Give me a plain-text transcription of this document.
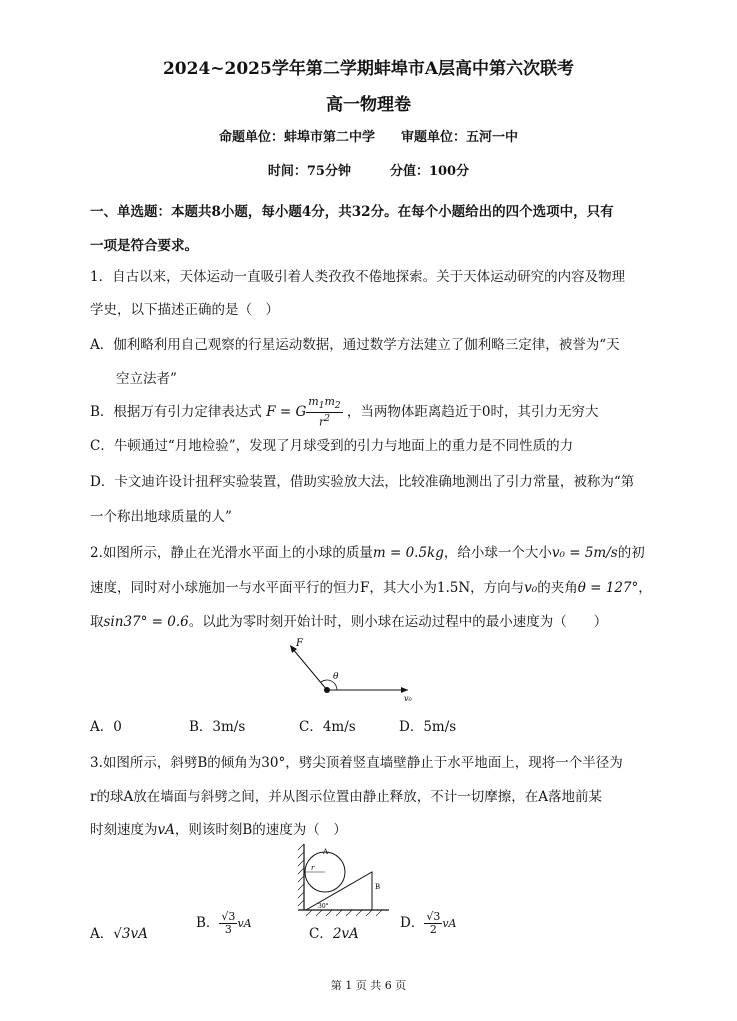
2024~2025学年第二学期蚌埠市A层高中第六次联考
高一物理卷
命题单位：蚌埠市第二中学　　审题单位：五河一中
时间：75分钟　　　分值：100分
一、单选题：本题共8小题，每小题4分，共32分。在每个小题给出的四个选项中，只有
一项是符合要求。
1．自古以来，天体运动一直吸引着人类孜孜不倦地探索。关于天体运动研究的内容及物理
学史，以下描述正确的是（　）
A．伽利略利用自己观察的行星运动数据，通过数学方法建立了伽利略三定律，被誉为“天
空立法者”
B．根据万有引力定律表达式 F = G $\frac{m_1m_2}{r^2}$ ，当两物体距离趋近于0时，其引力无穷大
C．牛顿通过“月地检验”，发现了月球受到的引力与地面上的重力是不同性质的力
D．卡文迪许设计扭秤实验装置，借助实验放大法，比较准确地测出了引力常量，被称为“第
一个称出地球质量的人”
2.如图所示，静止在光滑水平面上的小球的质量m = 0.5kg，给小球一个大小v₀ = 5m/s的初
速度，同时对小球施加一与水平面平行的恒力F，其大小为1.5N，方向与v₀的夹角θ = 127°，
取sin37° = 0.6。以此为零时刻开始计时，则小球在运动过程中的最小速度为（　　）
F
θ
v₀
A．0	B．3m/s	C．4m/s	D．5m/s
3.如图所示，斜劈B的倾角为30°，劈尖顶着竖直墙壁静止于水平地面上，现将一个半径为
r的球A放在墙面与斜劈之间，并从图示位置由静止释放，不计一切摩擦，在A落地前某
时刻速度为vA，则该时刻B的速度为（　）
A
r
B
30°
A．√3vA
B． $\frac{√3}{3}$ vA
C．2vA
D． $\frac{√3}{2}$ vA
第 1 页 共 6 页
